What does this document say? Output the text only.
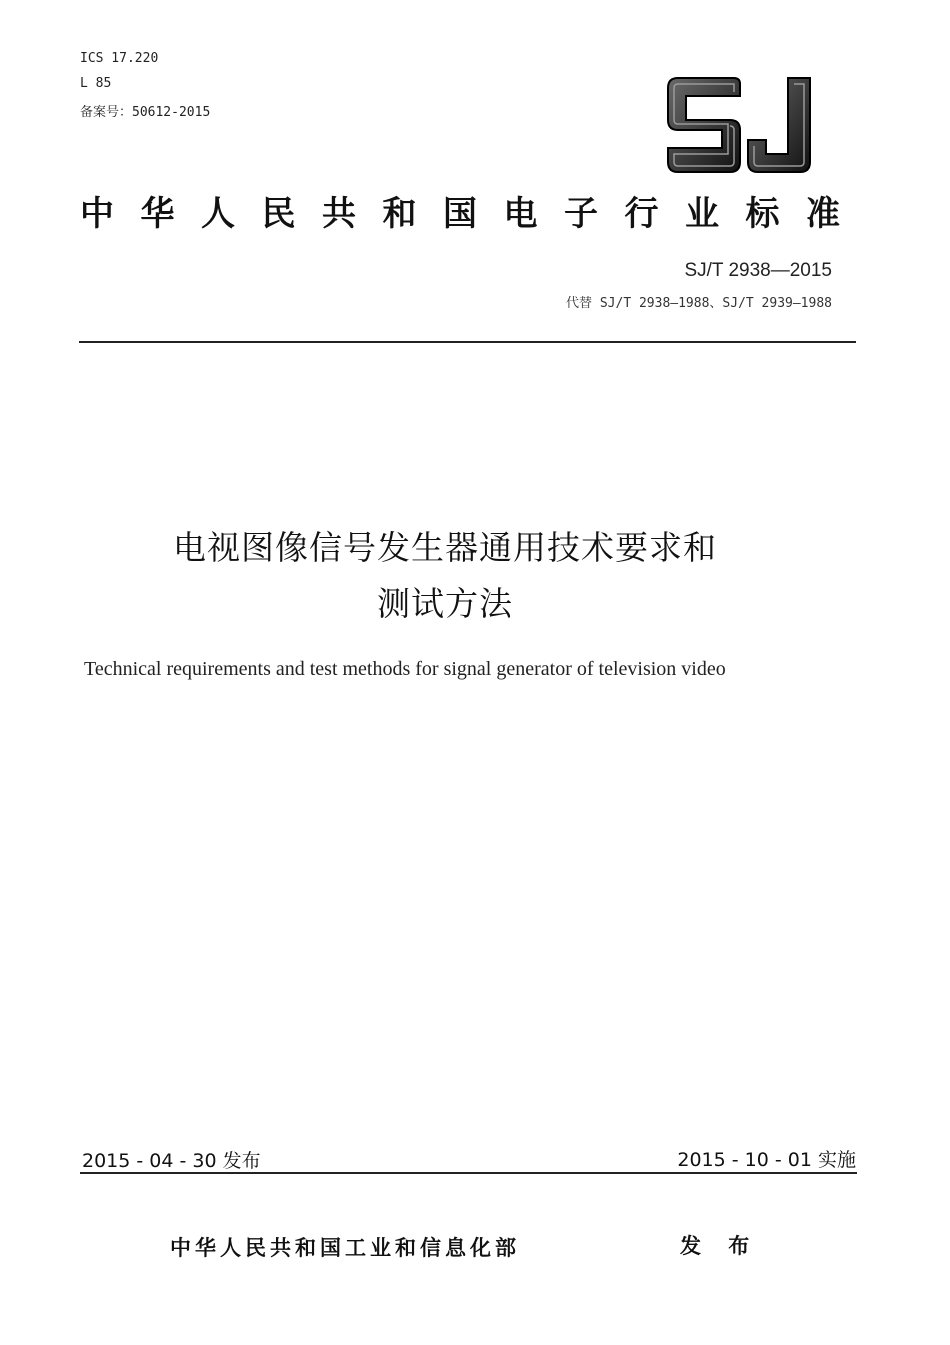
ICS 17.220
L 85
备案号：50612-2015
中 华 人 民 共 和 国 电 子 行 业 标 准
SJ/T 2938—2015
代替 SJ/T 2938—1988、SJ/T 2939—1988
电视图像信号发生器通用技术要求和
测试方法
Technical requirements and test methods for signal generator of television video
2015 - 04 - 30 发布	2015 - 10 - 01 实施
中华人民共和国工业和信息化部	发 布
